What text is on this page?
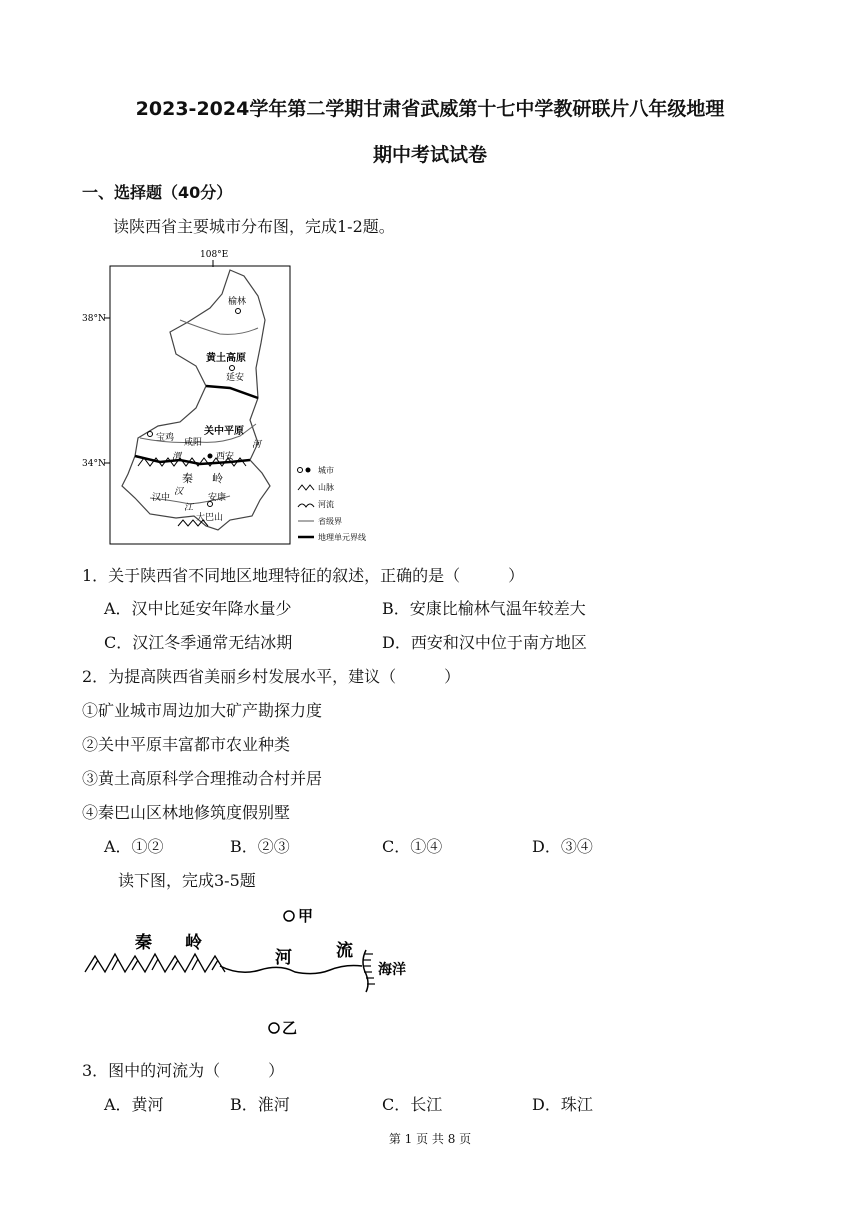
2023-2024学年第二学期甘肃省武威第十七中学教研联片八年级地理
期中考试试卷
一、选择题（40分）
读陕西省主要城市分布图，完成1-2题。
108°E
38°N
34°N
榆林
黄土高原
延安
关中平原
宝鸡 咸阳	河
渭	西安
秦 岭
汉中
汉
安康
江
大巴山
城市
山脉
河流
省级界
地理单元界线
1．关于陕西省不同地区地理特征的叙述，正确的是（　　　）
A．汉中比延安年降水量少	B．安康比榆林气温年较差大
C．汉江冬季通常无结冰期	D．西安和汉中位于南方地区
2．为提高陕西省美丽乡村发展水平，建议（　　　）
①矿业城市周边加大矿产勘探力度
②关中平原丰富都市农业种类
③黄土高原科学合理推动合村并居
④秦巴山区林地修筑度假别墅
A．①②	B．②③	C．①④	D．③④
读下图，完成3-5题
甲
秦 岭
河	流
海洋
乙
3．图中的河流为（　　　）
A．黄河	B．淮河	C．长江	D．珠江
第 1 页 共 8 页
